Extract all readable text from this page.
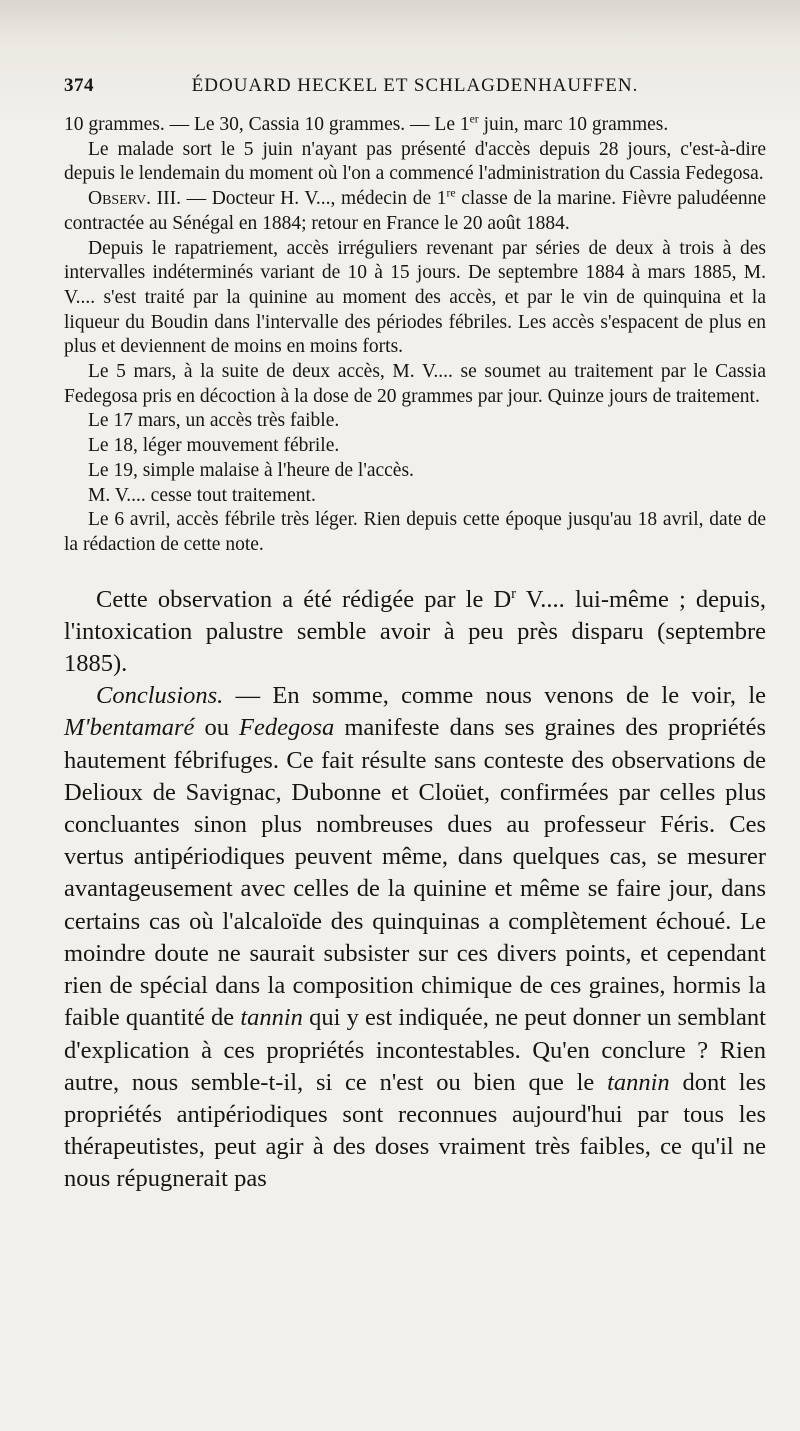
374	ÉDOUARD HECKEL ET SCHLAGDENHAUFFEN.

10 grammes. — Le 30, Cassia 10 grammes. — Le 1er juin, marc 10 grammes.

Le malade sort le 5 juin n'ayant pas présenté d'accès depuis 28 jours, c'est-à-dire depuis le lendemain du moment où l'on a commencé l'administration du Cassia Fedegosa.

Observ. III. — Docteur H. V..., médecin de 1re classe de la marine. Fièvre paludéenne contractée au Sénégal en 1884; retour en France le 20 août 1884.

Depuis le rapatriement, accès irréguliers revenant par séries de deux à trois à des intervalles indéterminés variant de 10 à 15 jours. De septembre 1884 à mars 1885, M. V.... s'est traité par la quinine au moment des accès, et par le vin de quinquina et la liqueur du Boudin dans l'intervalle des périodes fébriles. Les accès s'espacent de plus en plus et deviennent de moins en moins forts.

Le 5 mars, à la suite de deux accès, M. V.... se soumet au traitement par le Cassia Fedegosa pris en décoction à la dose de 20 grammes par jour. Quinze jours de traitement.

Le 17 mars, un accès très faible.

Le 18, léger mouvement fébrile.

Le 19, simple malaise à l'heure de l'accès.

M. V.... cesse tout traitement.

Le 6 avril, accès fébrile très léger. Rien depuis cette époque jusqu'au 18 avril, date de la rédaction de cette note.

Cette observation a été rédigée par le $D^r$ V.... lui-même ; depuis, l'intoxication palustre semble avoir à peu près disparu (septembre 1885).

Conclusions. — En somme, comme nous venons de le voir, le M'bentamaré ou Fedegosa manifeste dans ses graines des propriétés hautement fébrifuges. Ce fait résulte sans conteste des observations de Delioux de Savignac, Dubonne et Cloüet, confirmées par celles plus concluantes sinon plus nombreuses dues au professeur Féris. Ces vertus antipériodiques peuvent même, dans quelques cas, se mesurer avantageusement avec celles de la quinine et même se faire jour, dans certains cas où l'alcaloïde des quinquinas a complètement échoué. Le moindre doute ne saurait subsister sur ces divers points, et cependant rien de spécial dans la composition chimique de ces graines, hormis la faible quantité de tannin qui y est indiquée, ne peut donner un semblant d'explication à ces propriétés incontestables. Qu'en conclure ? Rien autre, nous semble-t-il, si ce n'est ou bien que le tannin dont les propriétés antipériodiques sont reconnues aujourd'hui par tous les thérapeutistes, peut agir à des doses vraiment très faibles, ce qu'il ne nous répugnerait pas
